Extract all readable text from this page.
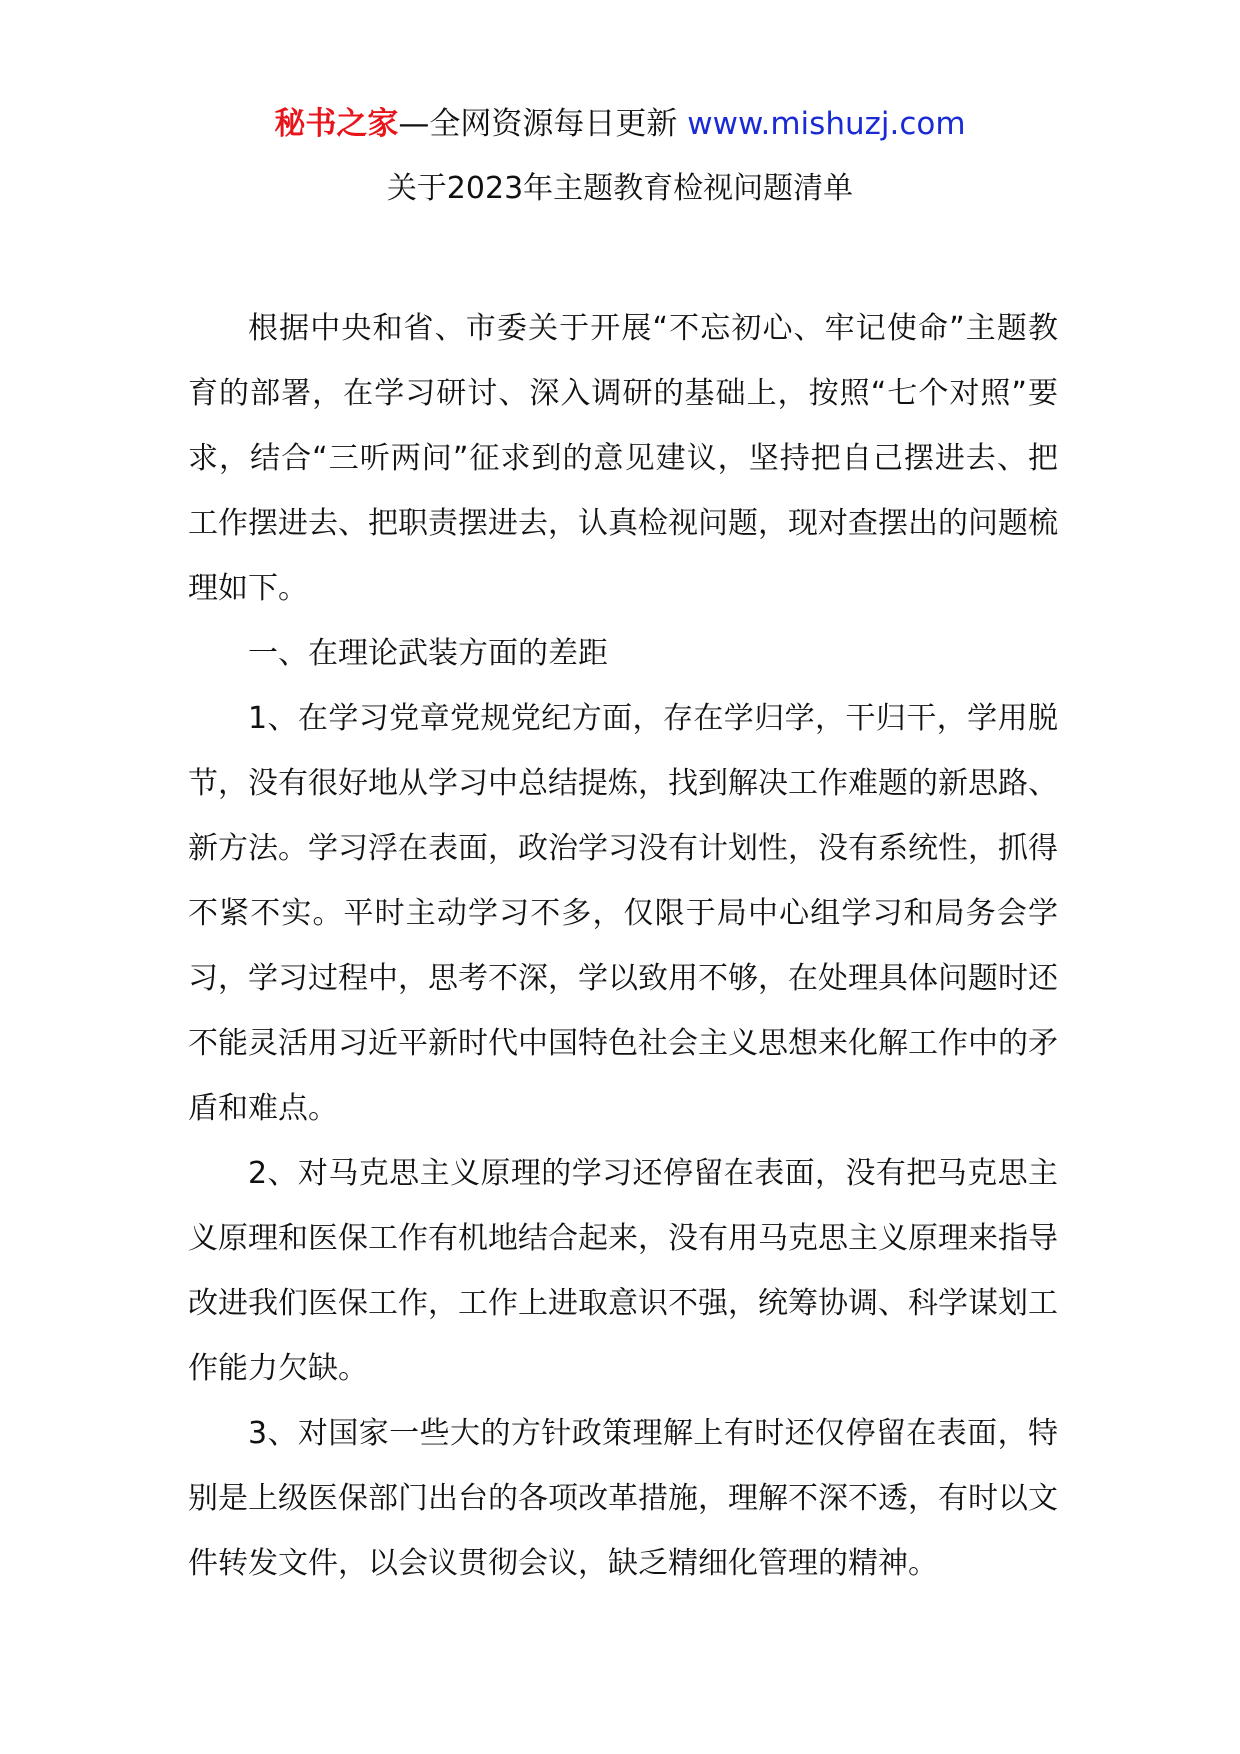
秘书之家—全网资源每日更新 www.mishuzj.com
关于2023年主题教育检视问题清单

根据中央和省、市委关于开展“不忘初心、牢记使命”主题教育的部署，在学习研讨、深入调研的基础上，按照“七个对照”要求，结合“三听两问”征求到的意见建议，坚持把自己摆进去、把工作摆进去、把职责摆进去，认真检视问题，现对查摆出的问题梳理如下。

一、在理论武装方面的差距

1、在学习党章党规党纪方面，存在学归学，干归干，学用脱节，没有很好地从学习中总结提炼，找到解决工作难题的新思路、新方法。学习浮在表面，政治学习没有计划性，没有系统性，抓得不紧不实。平时主动学习不多，仅限于局中心组学习和局务会学习，学习过程中，思考不深，学以致用不够，在处理具体问题时还不能灵活用习近平新时代中国特色社会主义思想来化解工作中的矛盾和难点。

2、对马克思主义原理的学习还停留在表面，没有把马克思主义原理和医保工作有机地结合起来，没有用马克思主义原理来指导改进我们医保工作，工作上进取意识不强，统筹协调、科学谋划工作能力欠缺。

3、对国家一些大的方针政策理解上有时还仅停留在表面，特别是上级医保部门出台的各项改革措施，理解不深不透，有时以文件转发文件，以会议贯彻会议，缺乏精细化管理的精神。
